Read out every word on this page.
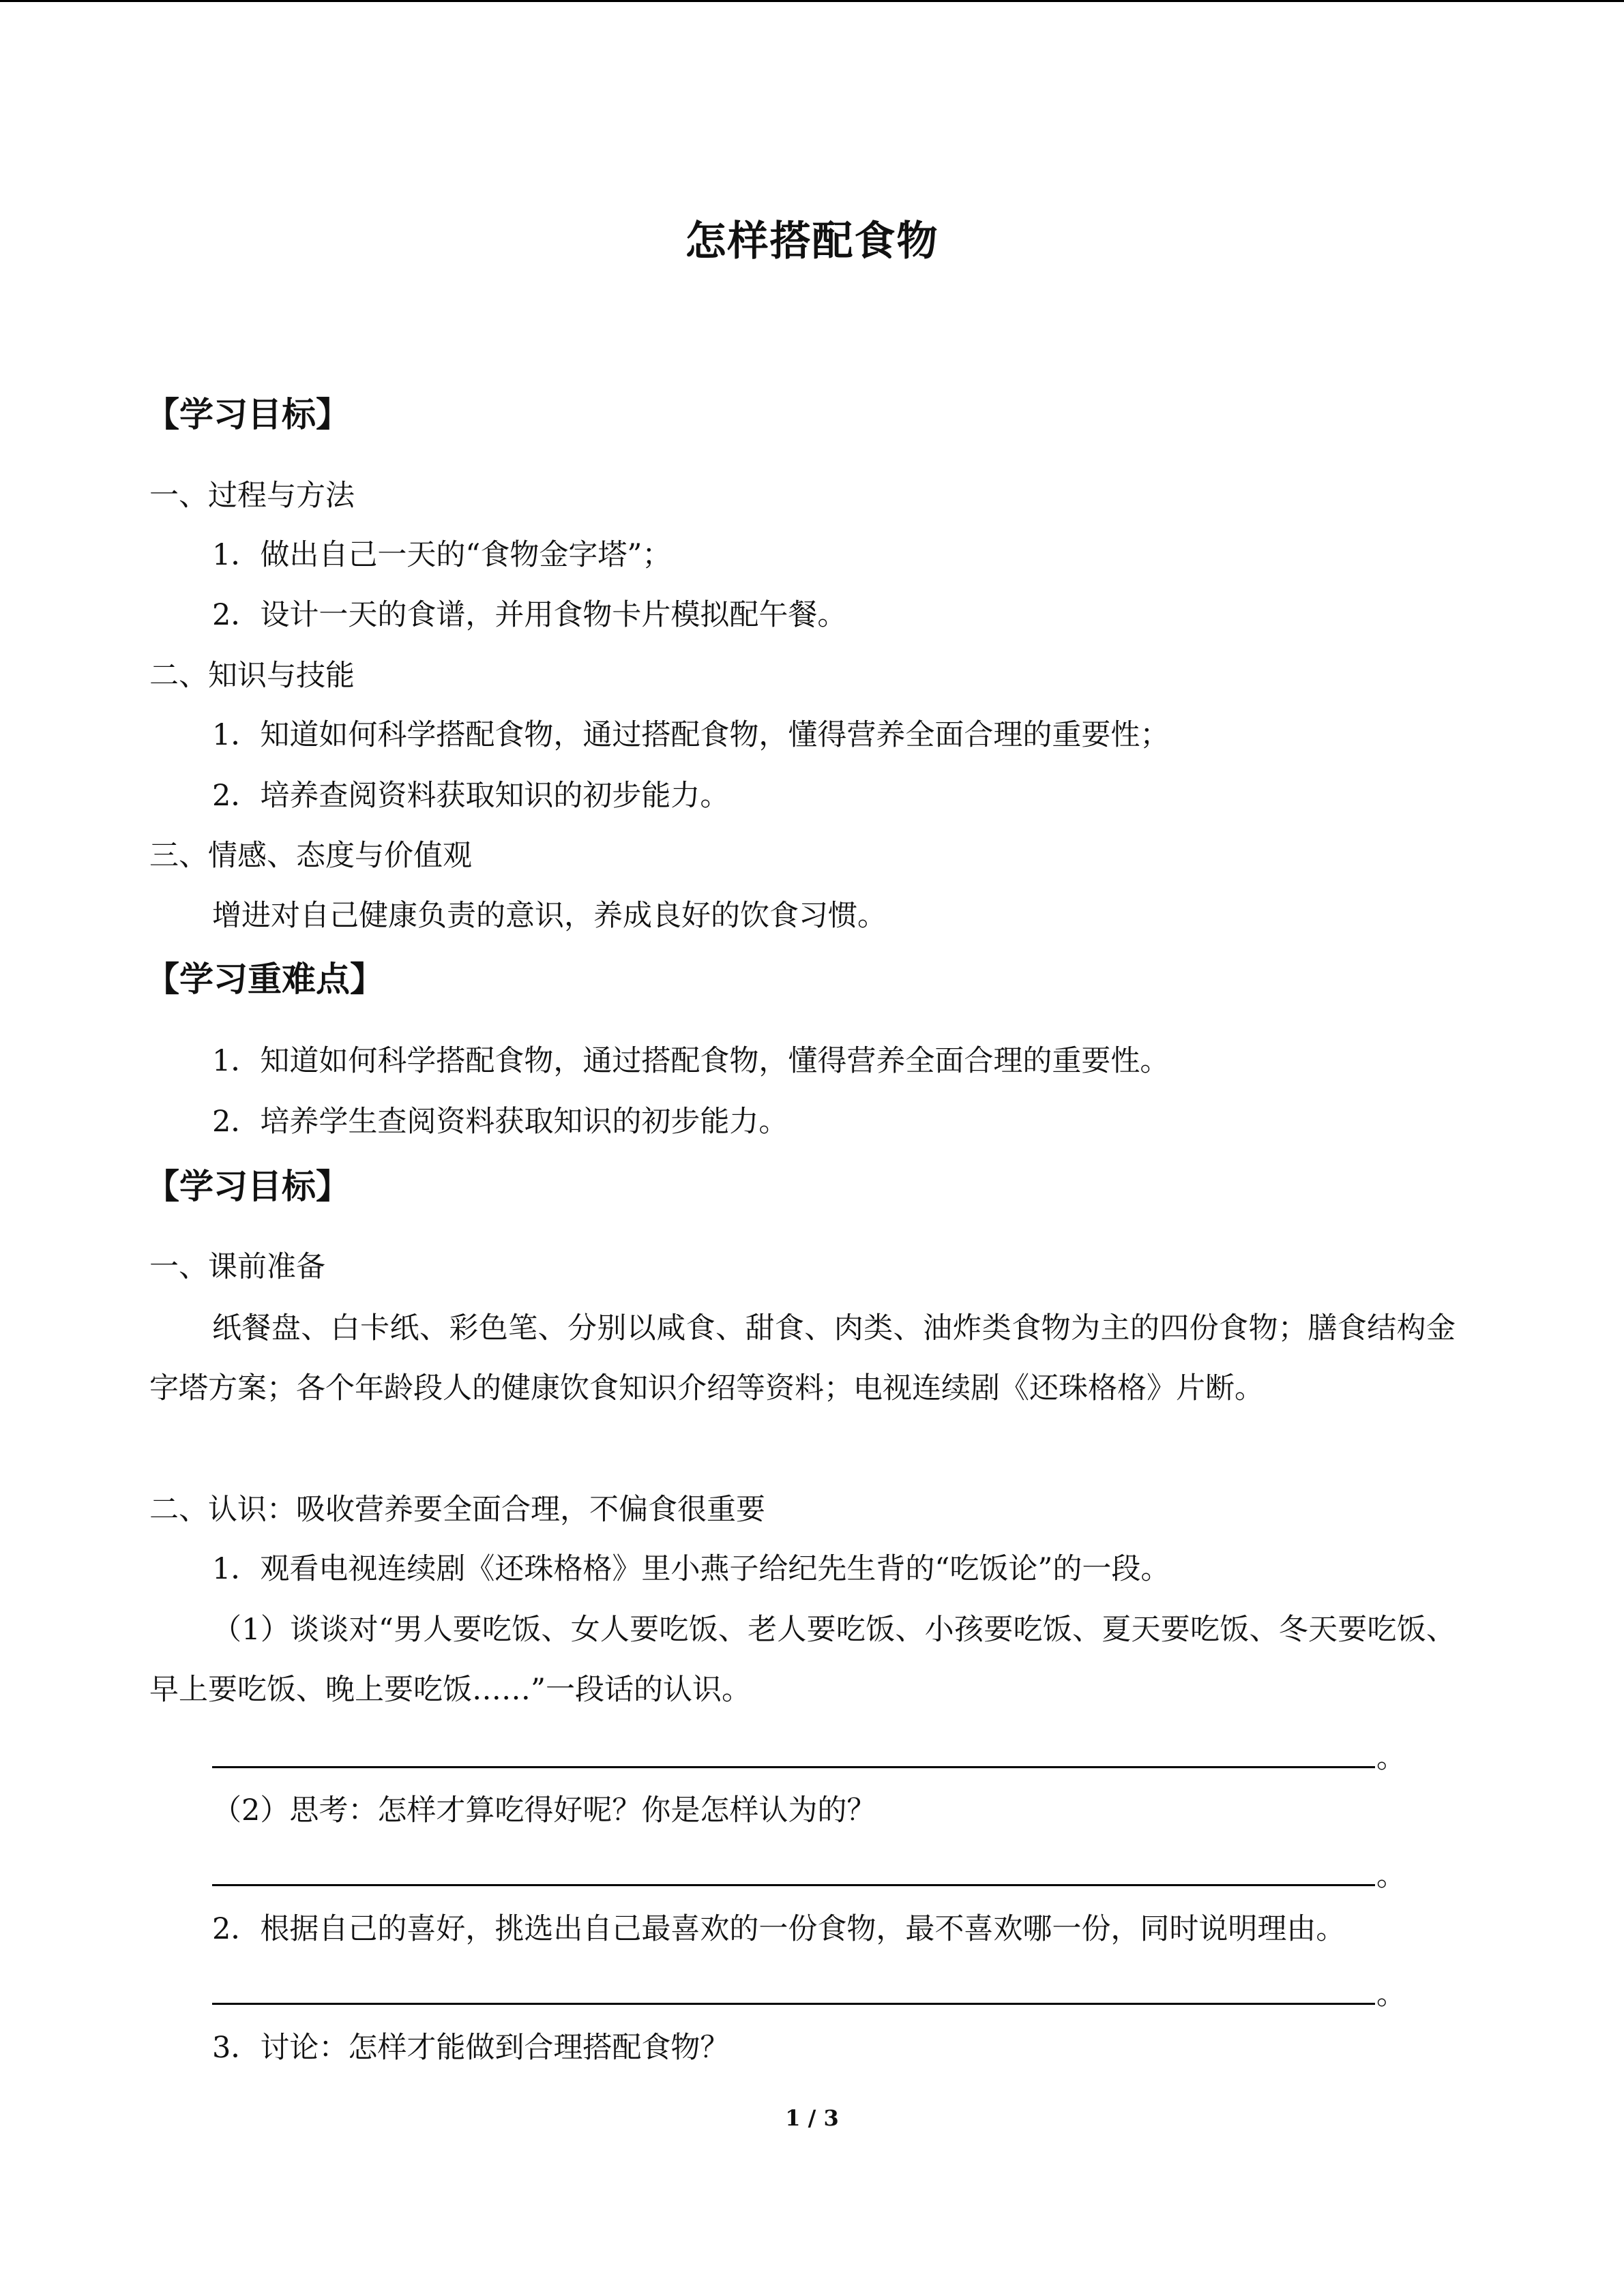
怎样搭配食物
【学习目标】
一、过程与方法
1．做出自己一天的“食物金字塔”；
2．设计一天的食谱，并用食物卡片模拟配午餐。
二、知识与技能
1．知道如何科学搭配食物，通过搭配食物，懂得营养全面合理的重要性；
2．培养查阅资料获取知识的初步能力。
三、情感、态度与价值观
增进对自己健康负责的意识，养成良好的饮食习惯。
【学习重难点】
1．知道如何科学搭配食物，通过搭配食物，懂得营养全面合理的重要性。
2．培养学生查阅资料获取知识的初步能力。
【学习目标】
一、课前准备
纸餐盘、白卡纸、彩色笔、分别以咸食、甜食、肉类、油炸类食物为主的四份食物；膳食结构金字塔方案；各个年龄段人的健康饮食知识介绍等资料；电视连续剧《还珠格格》片断。
二、认识：吸收营养要全面合理，不偏食很重要
1．观看电视连续剧《还珠格格》里小燕子给纪先生背的“吃饭论”的一段。
（1）谈谈对“男人要吃饭、女人要吃饭、老人要吃饭、小孩要吃饭、夏天要吃饭、冬天要吃饭、早上要吃饭、晚上要吃饭……”一段话的认识。
。
（2）思考：怎样才算吃得好呢？你是怎样认为的？
。
2．根据自己的喜好，挑选出自己最喜欢的一份食物，最不喜欢哪一份，同时说明理由。
。
3．讨论：怎样才能做到合理搭配食物？
1 / 3
